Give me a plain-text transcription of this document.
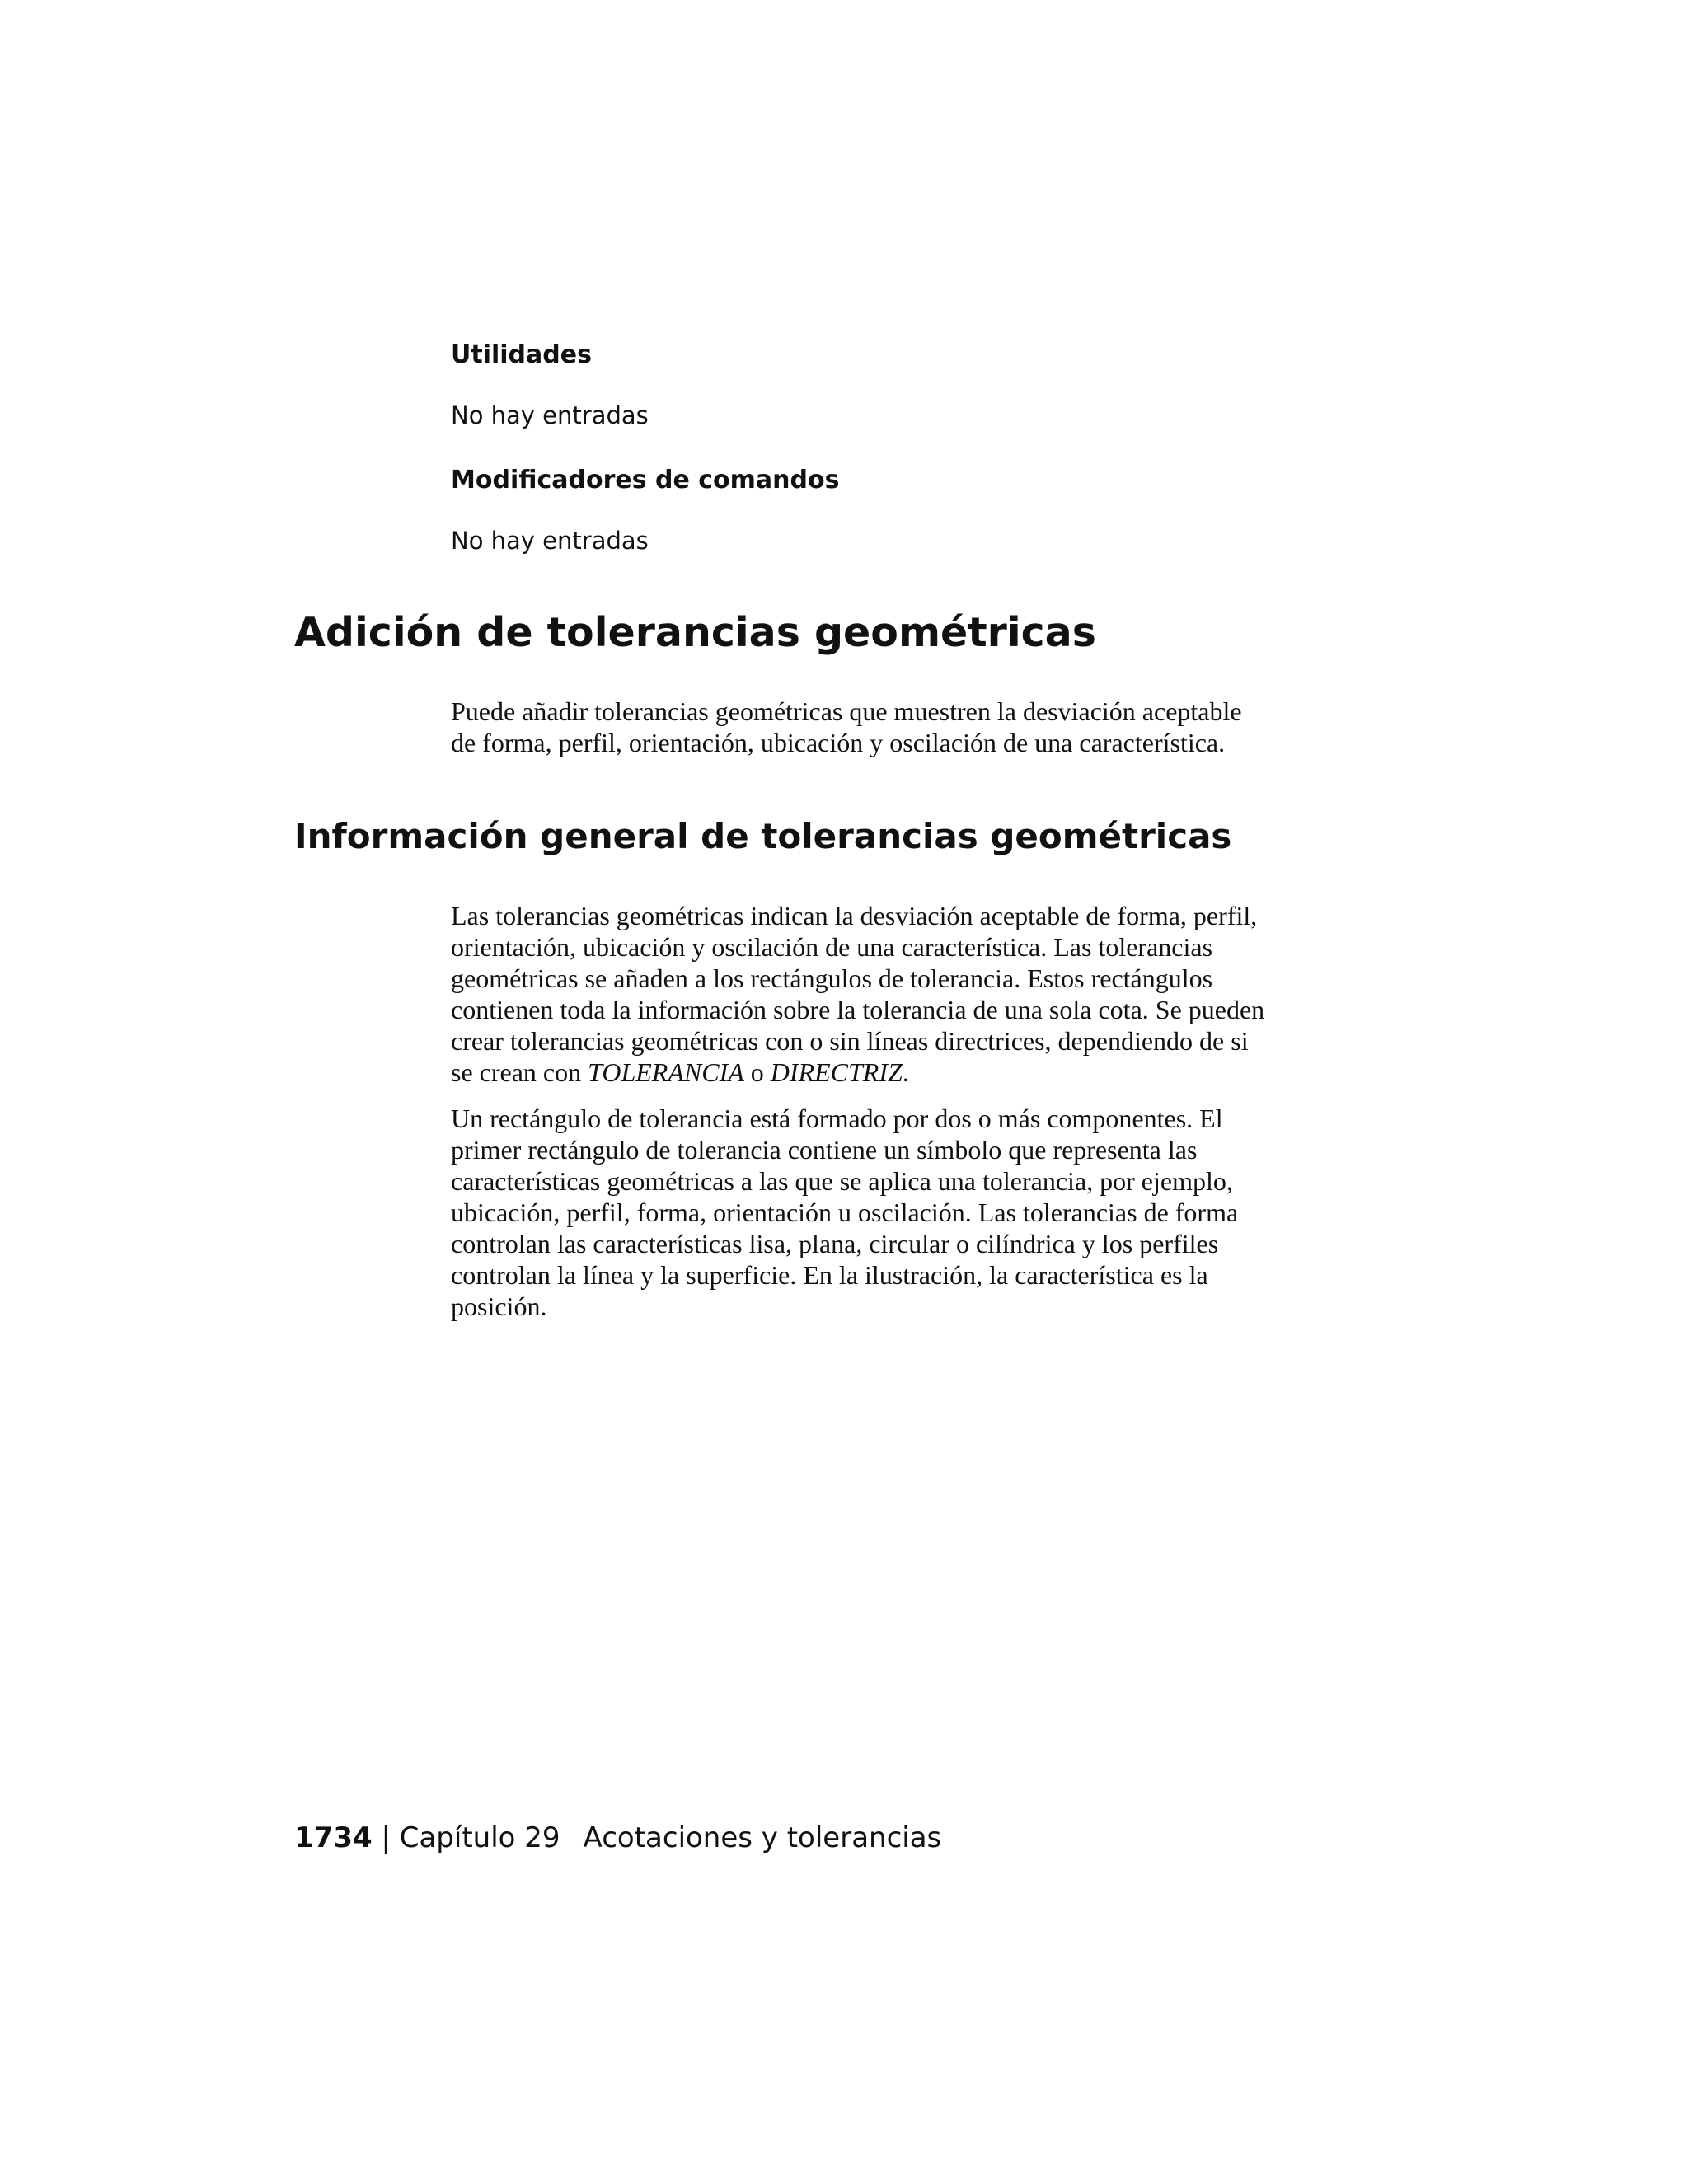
Utilidades

No hay entradas

Modificadores de comandos

No hay entradas

Adición de tolerancias geométricas
Puede añadir tolerancias geométricas que muestren la desviación aceptable
de forma, perfil, orientación, ubicación y oscilación de una característica.
Información general de tolerancias geométricas
Las tolerancias geométricas indican la desviación aceptable de forma, perfil,
orientación, ubicación y oscilación de una característica. Las tolerancias
geométricas se añaden a los rectángulos de tolerancia. Estos rectángulos
contienen toda la información sobre la tolerancia de una sola cota. Se pueden
crear tolerancias geométricas con o sin líneas directrices, dependiendo de si
se crean con TOLERANCIA o DIRECTRIZ.
Un rectángulo de tolerancia está formado por dos o más componentes. El
primer rectángulo de tolerancia contiene un símbolo que representa las
características geométricas a las que se aplica una tolerancia, por ejemplo,
ubicación, perfil, forma, orientación u oscilación. Las tolerancias de forma
controlan las características lisa, plana, circular o cilíndrica y los perfiles
controlan la línea y la superficie. En la ilustración, la característica es la
posición.

1734 | Capítulo 29 Acotaciones y tolerancias
